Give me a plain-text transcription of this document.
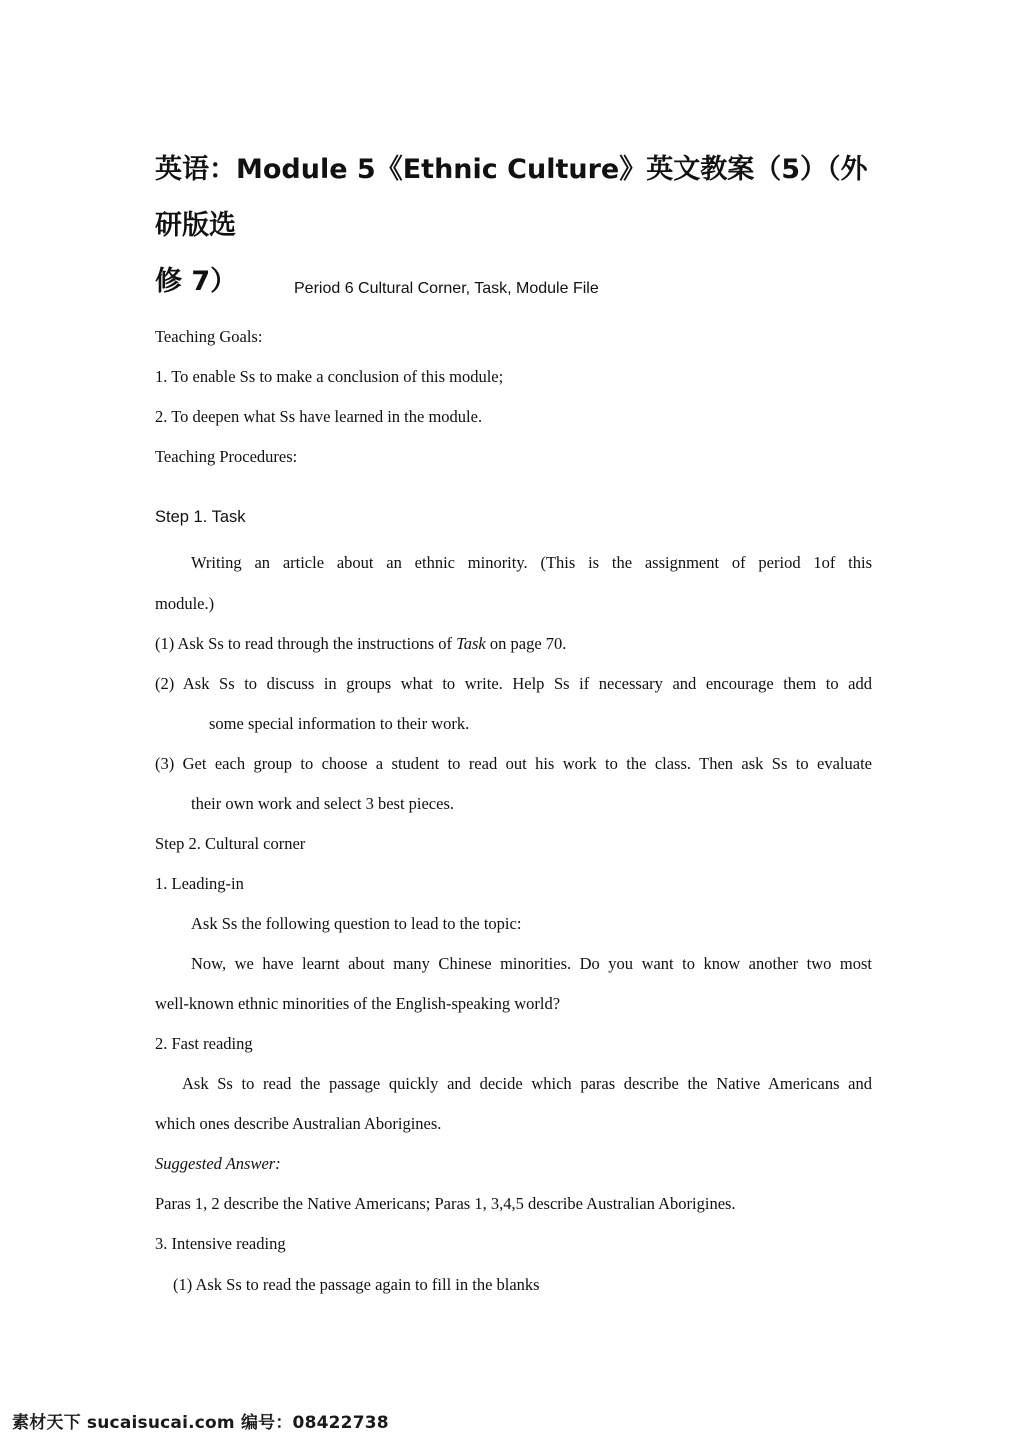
英语：Module 5《Ethnic Culture》英文教案（5）（外研版选
修 7）	Period 6 Cultural Corner, Task, Module File

Teaching Goals:

1. To enable Ss to make a conclusion of this module;

2. To deepen what Ss have learned in the module.

Teaching Procedures:

Step 1. Task

Writing an article about an ethnic minority. (This is the assignment of period 1of this

module.)

(1) Ask Ss to read through the instructions of Task on page 70.

(2) Ask Ss to discuss in groups what to write. Help Ss if necessary and encourage them to add

some special information to their work.

(3) Get each group to choose a student to read out his work to the class. Then ask Ss to evaluate

their own work and select 3 best pieces.

Step 2. Cultural corner

1. Leading-in

Ask Ss the following question to lead to the topic:

Now, we have learnt about many Chinese minorities. Do you want to know another two most

well-known ethnic minorities of the English-speaking world?

2. Fast reading

Ask Ss to read the passage quickly and decide which paras describe the Native Americans and

which ones describe Australian Aborigines.

Suggested Answer:

Paras 1, 2 describe the Native Americans; Paras 1, 3,4,5 describe Australian Aborigines.

3. Intensive reading

(1) Ask Ss to read the passage again to fill in the blanks

素材天下 sucaisucai.com 编号：08422738
